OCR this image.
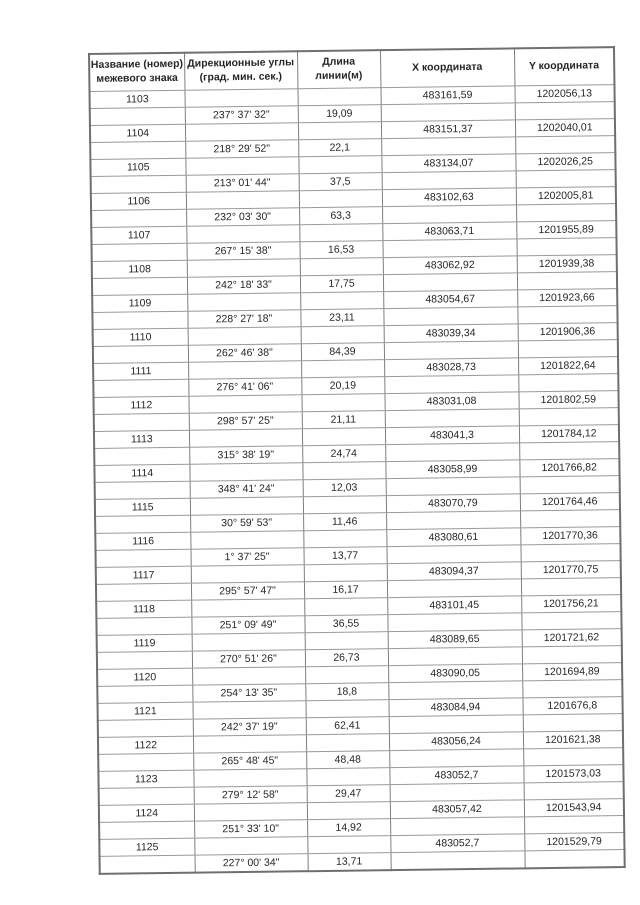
Название (номер)
межевого знака	Дирекционные углы
(град. мин. сек.)	Длина линии(м)	X координата	Y координата
1103			483161,59	1202056,13
	237° 37' 32"	19,09		
1104			483151,37	1202040,01
	218° 29' 52"	22,1		
1105			483134,07	1202026,25
	213° 01' 44"	37,5		
1106			483102,63	1202005,81
	232° 03' 30"	63,3		
1107			483063,71	1201955,89
	267° 15' 38"	16,53		
1108			483062,92	1201939,38
	242° 18' 33"	17,75		
1109			483054,67	1201923,66
	228° 27' 18"	23,11		
1110			483039,34	1201906,36
	262° 46' 38"	84,39		
1111			483028,73	1201822,64
	276° 41' 06"	20,19		
1112			483031,08	1201802,59
	298° 57' 25"	21,11		
1113			483041,3	1201784,12
	315° 38' 19"	24,74		
1114			483058,99	1201766,82
	348° 41' 24"	12,03		
1115			483070,79	1201764,46
	30° 59' 53"	11,46		
1116			483080,61	1201770,36
	1° 37' 25"	13,77		
1117			483094,37	1201770,75
	295° 57' 47"	16,17		
1118			483101,45	1201756,21
	251° 09' 49"	36,55		
1119			483089,65	1201721,62
	270° 51' 26"	26,73		
1120			483090,05	1201694,89
	254° 13' 35"	18,8		
1121			483084,94	1201676,8
	242° 37' 19"	62,41		
1122			483056,24	1201621,38
	265° 48' 45"	48,48		
1123			483052,7	1201573,03
	279° 12' 58"	29,47		
1124			483057,42	1201543,94
	251° 33' 10"	14,92		
1125			483052,7	1201529,79
	227° 00' 34"	13,71		
